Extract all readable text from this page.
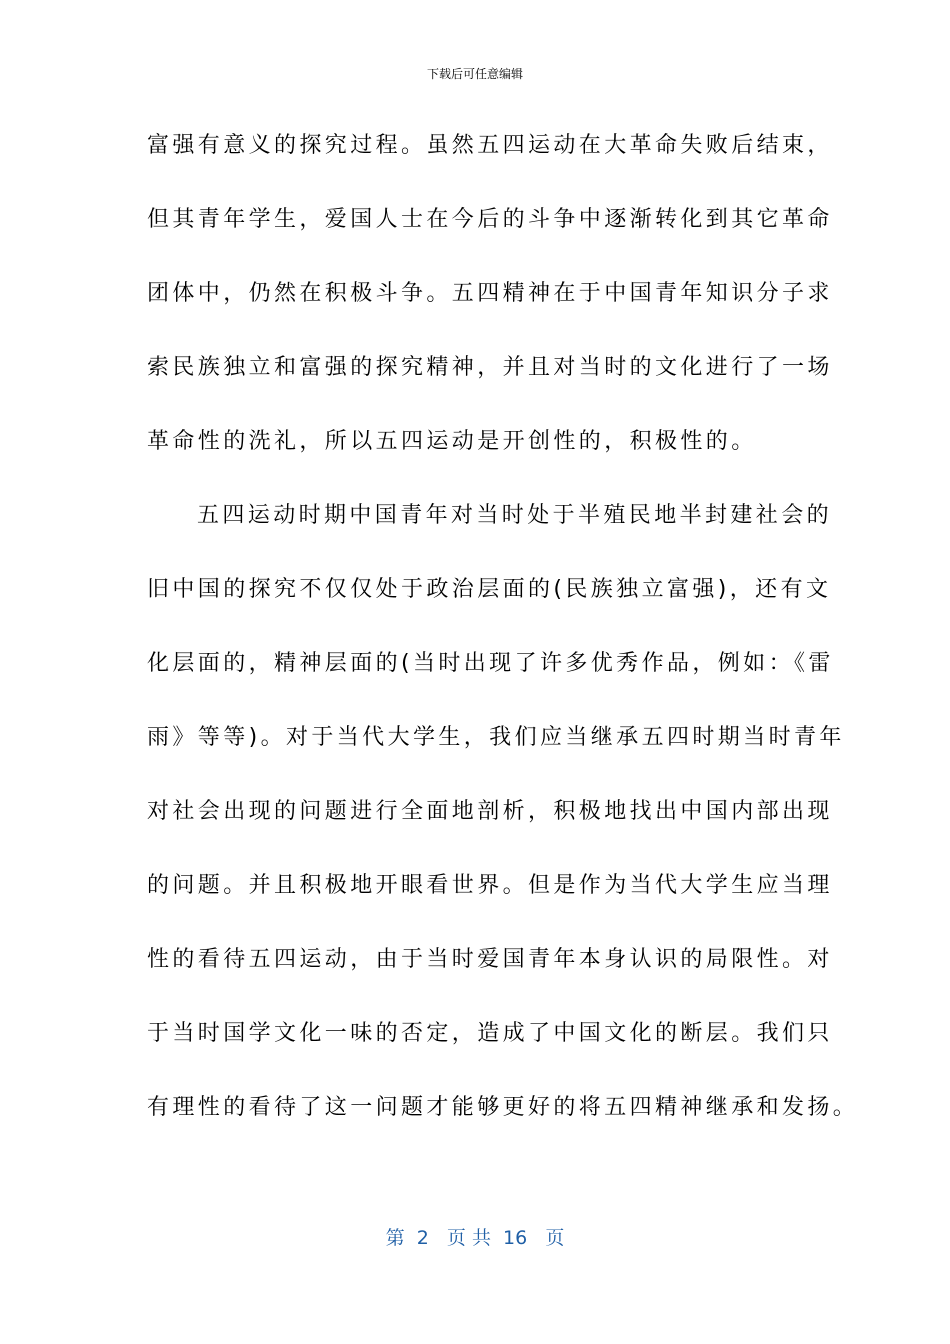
下载后可任意编辑
富强有意义的探究过程。虽然五四运动在大革命失败后结束，
但其青年学生，爱国人士在今后的斗争中逐渐转化到其它革命
团体中，仍然在积极斗争。五四精神在于中国青年知识分子求
索民族独立和富强的探究精神，并且对当时的文化进行了一场
革命性的洗礼，所以五四运动是开创性的，积极性的。
五四运动时期中国青年对当时处于半殖民地半封建社会的
旧中国的探究不仅仅处于政治层面的(民族独立富强)，还有文
化层面的，精神层面的(当时出现了许多优秀作品，例如：《雷
雨》等等)。对于当代大学生，我们应当继承五四时期当时青年
对社会出现的问题进行全面地剖析，积极地找出中国内部出现
的问题。并且积极地开眼看世界。但是作为当代大学生应当理
性的看待五四运动，由于当时爱国青年本身认识的局限性。对
于当时国学文化一味的否定，造成了中国文化的断层。我们只
有理性的看待了这一问题才能够更好的将五四精神继承和发扬。
第  2   页 共  16   页
